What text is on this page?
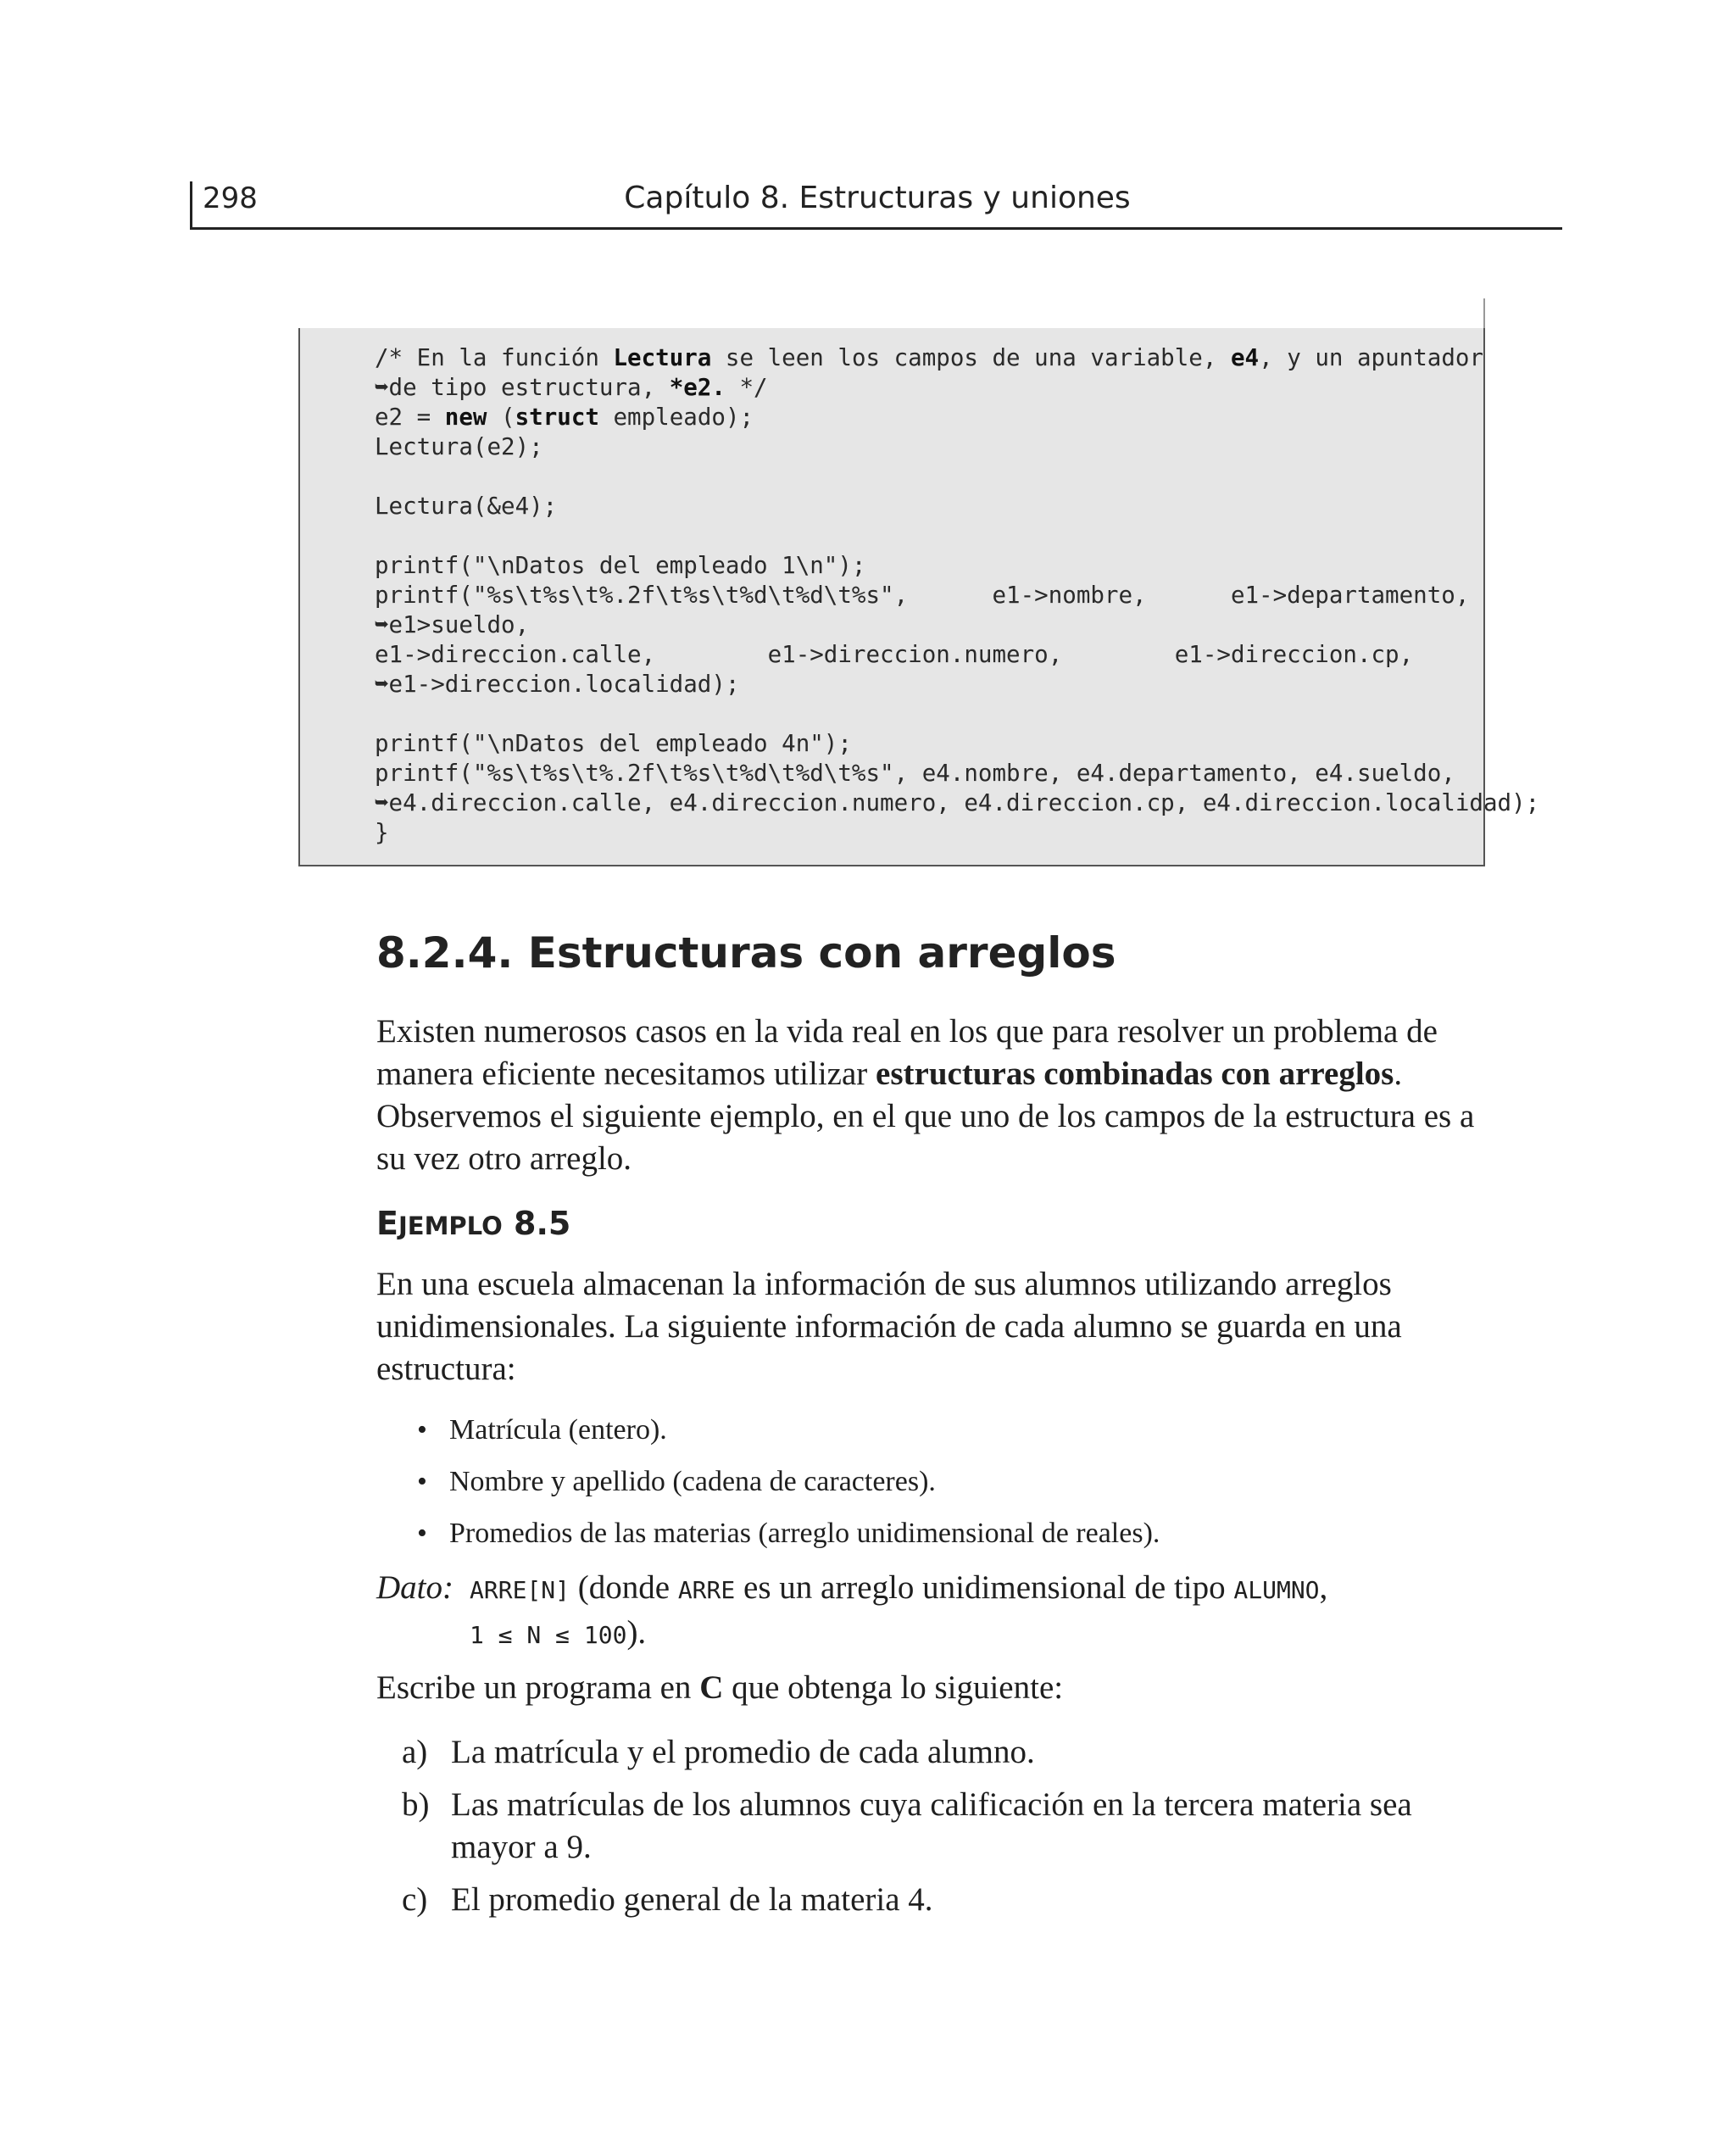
298	Capítulo 8. Estructuras y uniones
/* En la función Lectura se leen los campos de una variable, e4, y un apuntador
➥de tipo estructura, *e2. */
e2 = new (struct empleado);
Lectura(e2);

Lectura(&e4);

printf("\nDatos del empleado 1\n");
printf("%s\t%s\t%.2f\t%s\t%d\t%d\t%s",      e1->nombre,      e1->departamento,
➥e1>sueldo,
e1->direccion.calle,        e1->direccion.numero,        e1->direccion.cp,
➥e1->direccion.localidad);

printf("\nDatos del empleado 4n");
printf("%s\t%s\t%.2f\t%s\t%d\t%d\t%s", e4.nombre, e4.departamento, e4.sueldo,
➥e4.direccion.calle, e4.direccion.numero, e4.direccion.cp, e4.direccion.localidad);
}
8.2.4. Estructuras con arreglos

Existen numerosos casos en la vida real en los que para resolver un problema de manera eficiente necesitamos utilizar estructuras combinadas con arreglos. Observemos el siguiente ejemplo, en el que uno de los campos de la estructura es a su vez otro arreglo.

EJEMPLO 8.5

En una escuela almacenan la información de sus alumnos utilizando arreglos unidimensionales. La siguiente información de cada alumno se guarda en una estructura:

• Matrícula (entero).
• Nombre y apellido (cadena de caracteres).
• Promedios de las materias (arreglo unidimensional de reales).
Dato: ARRE[N] (donde ARRE es un arreglo unidimensional de tipo ALUMNO,
1 ≤ N ≤ 100).

Escribe un programa en C que obtenga lo siguiente:

a) La matrícula y el promedio de cada alumno.
b) Las matrículas de los alumnos cuya calificación en la tercera materia sea mayor a 9.
c) El promedio general de la materia 4.
